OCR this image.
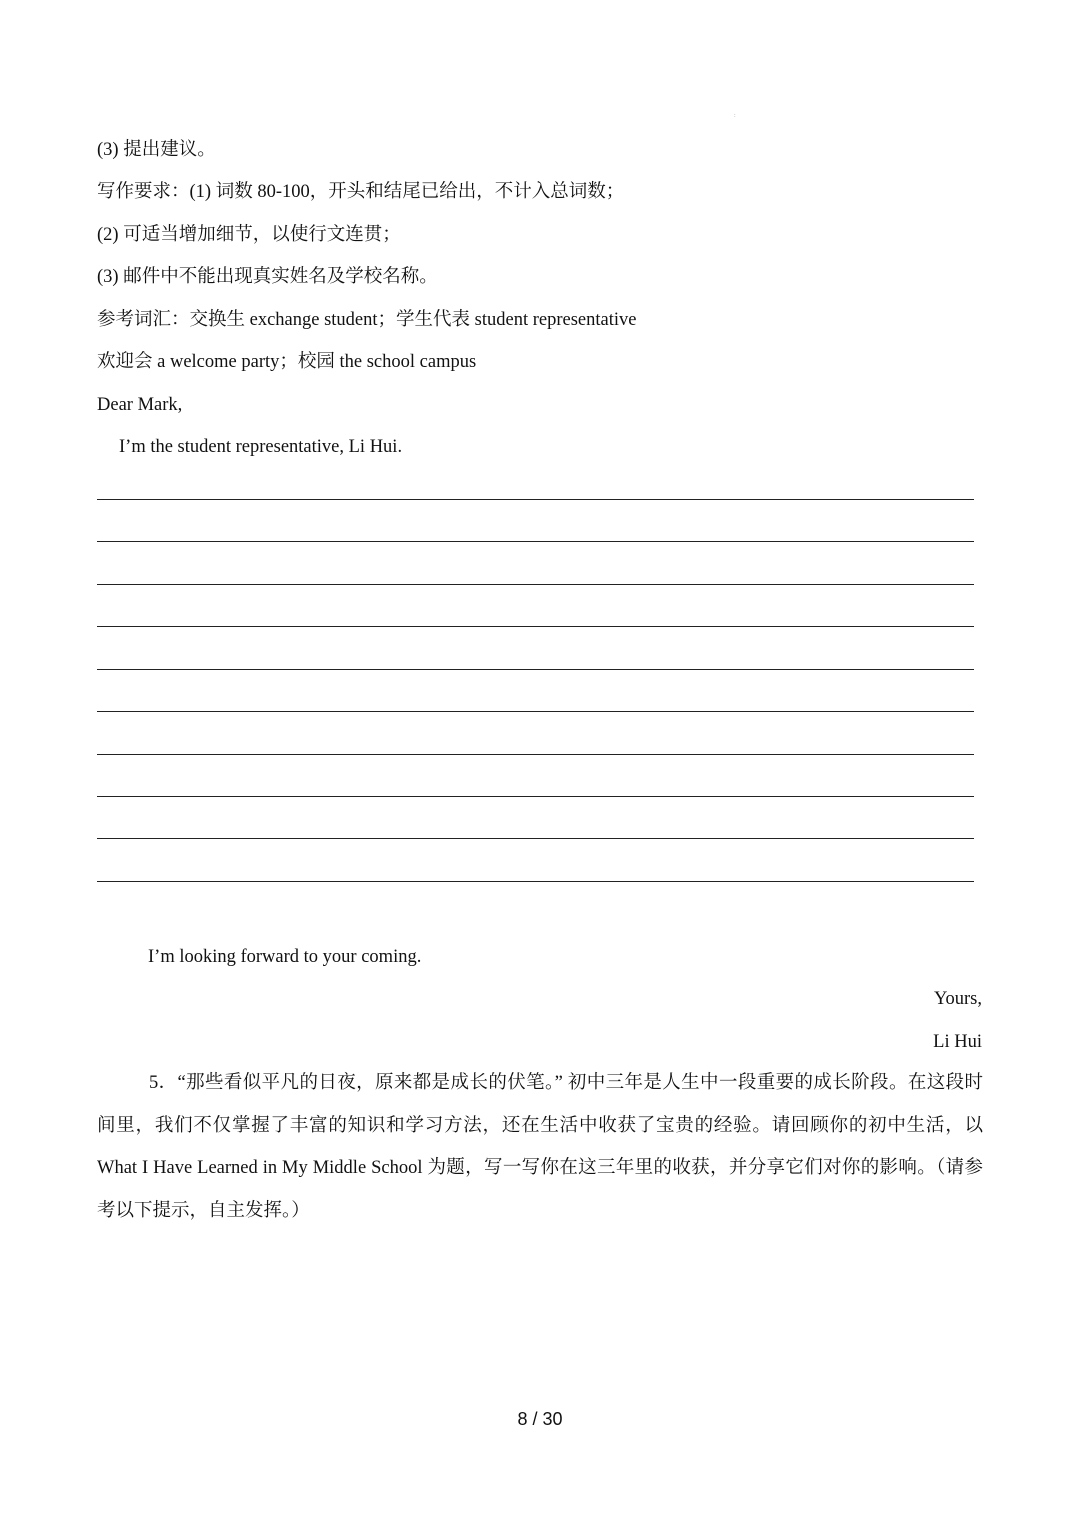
:
(3) 提出建议。
写作要求：(1) 词数 80-100，开头和结尾已给出，不计入总词数；
(2) 可适当增加细节，以使行文连贯；
(3) 邮件中不能出现真实姓名及学校名称。
参考词汇：交换生 exchange student；学生代表 student representative
欢迎会 a welcome party；校园 the school campus
Dear Mark,
I’m the student representative, Li Hui.
I’m looking forward to your coming.
Yours,
Li Hui
5．“那些看似平凡的日夜，原来都是成长的伏笔。” 初中三年是人生中一段重要的成长阶段。在这段时间里，我们不仅掌握了丰富的知识和学习方法，还在生活中收获了宝贵的经验。请回顾你的初中生活，以 What I Have Learned in My Middle School 为题，写一写你在这三年里的收获，并分享它们对你的影响。（请参考以下提示，自主发挥。）
8 / 30
